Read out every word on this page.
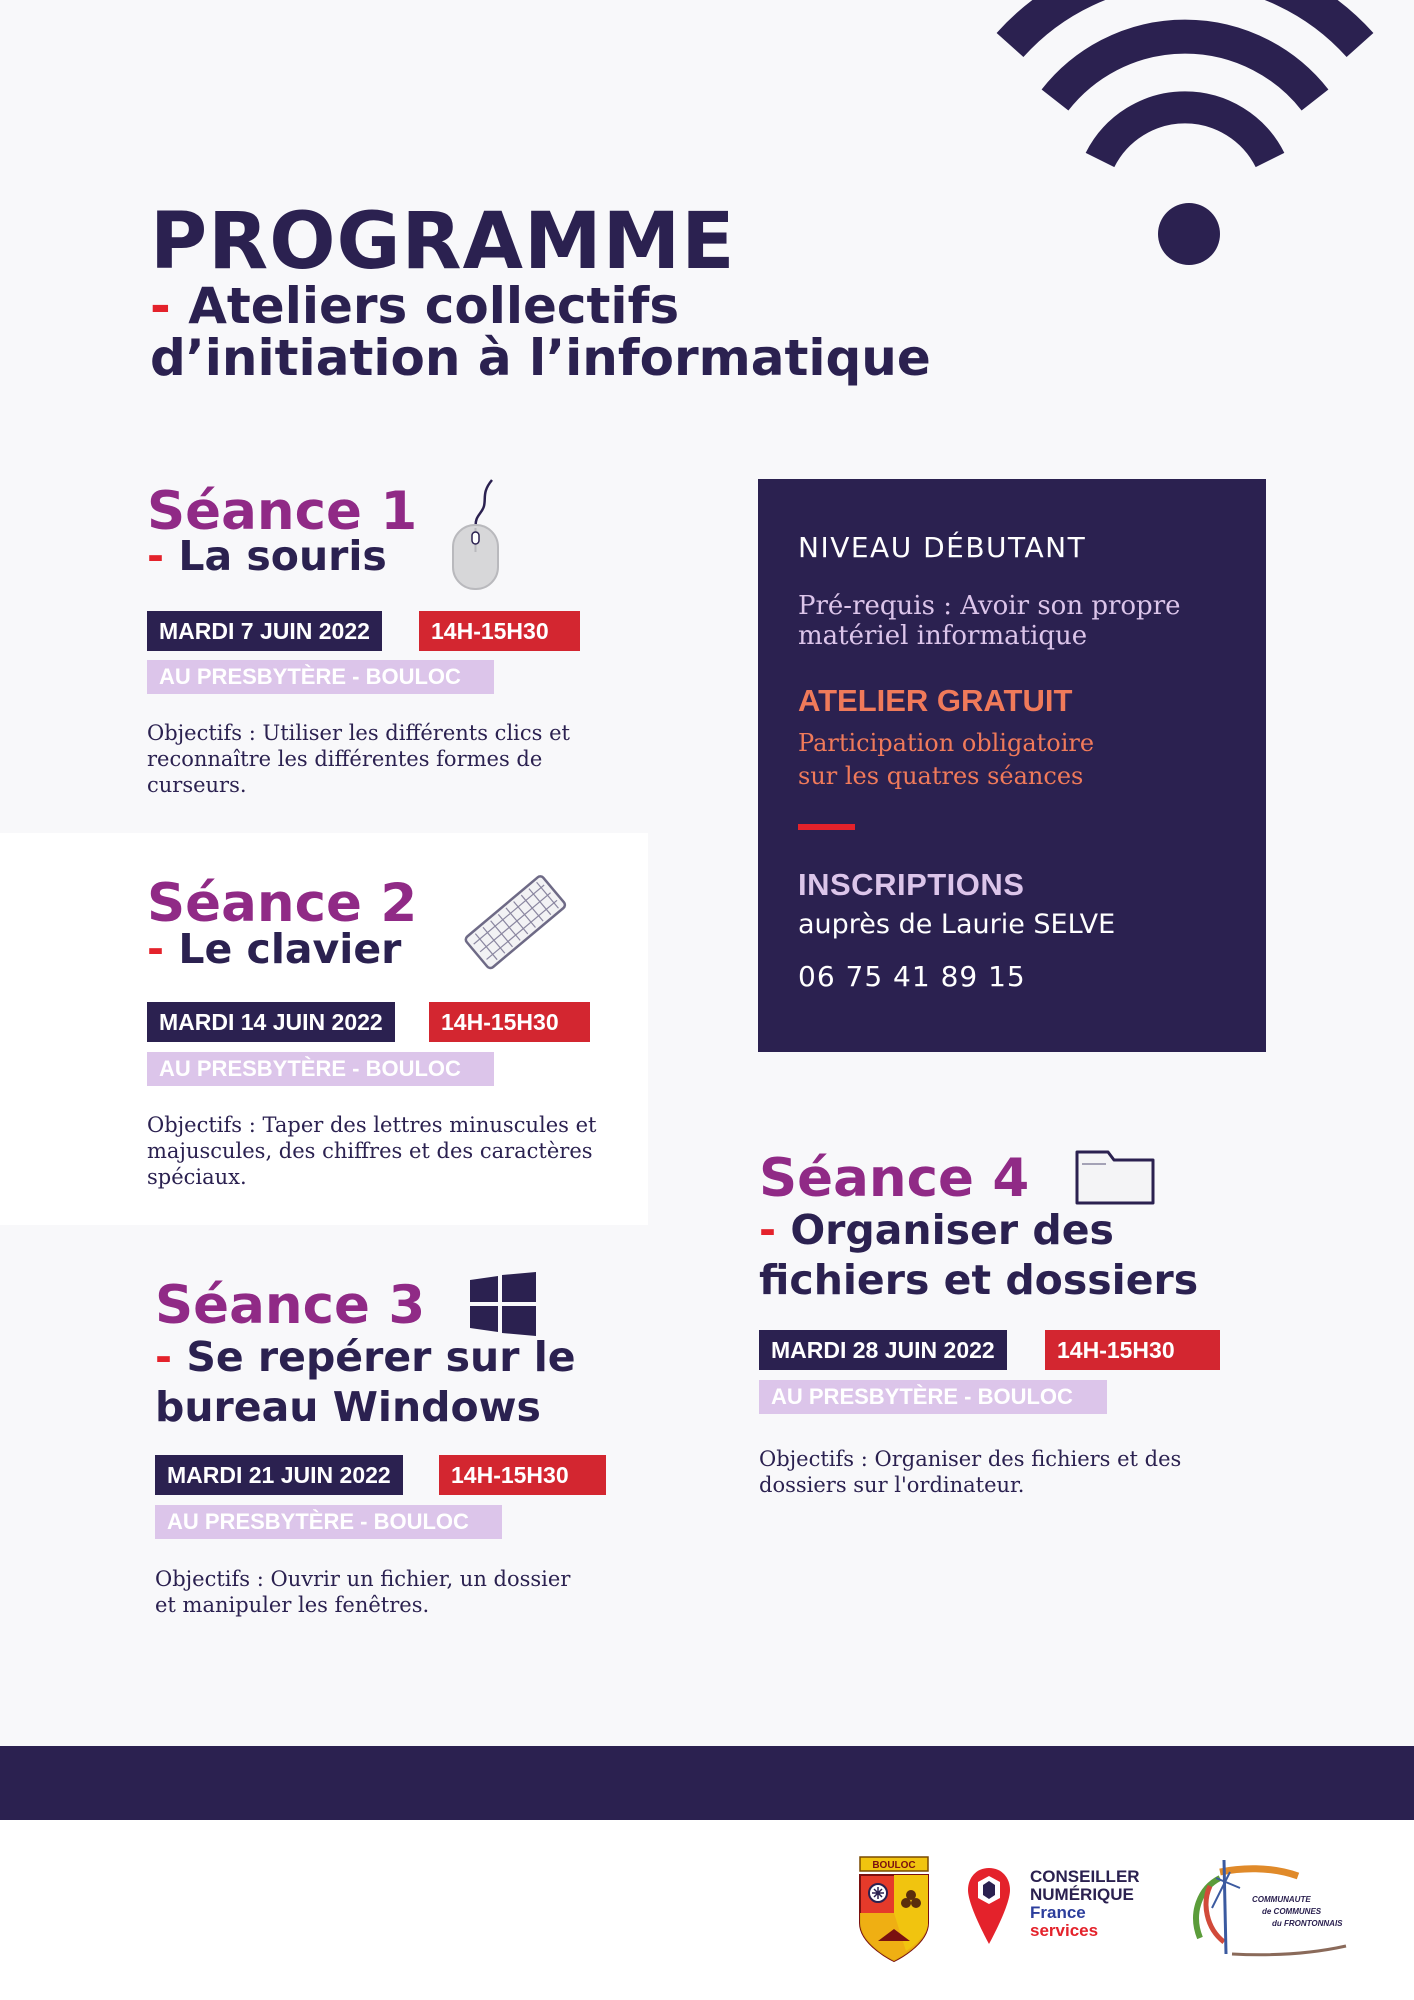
PROGRAMME
- Ateliers collectifs
d’initiation à l’informatique
Séance 1
- La souris
MARDI 7 JUIN 2022	14H-15H30
AU PRESBYTÈRE - BOULOC
Objectifs : Utiliser les différents clics et reconnaître les différentes formes de curseurs.
Séance 2
- Le clavier
MARDI 14 JUIN 2022	14H-15H30
AU PRESBYTÈRE - BOULOC
Objectifs : Taper des lettres minuscules et majuscules, des chiffres et des caractères spéciaux.
Séance 3
- Se repérer sur le
bureau Windows
MARDI 21 JUIN 2022	14H-15H30
AU PRESBYTÈRE - BOULOC
Objectifs : Ouvrir un fichier, un dossier et manipuler les fenêtres.
NIVEAU DÉBUTANT
Pré-requis : Avoir son propre
matériel informatique
ATELIER GRATUIT
Participation obligatoire
sur les quatres séances
INSCRIPTIONS
auprès de Laurie SELVE
06 75 41 89 15
Séance 4
- Organiser des
fichiers et dossiers
MARDI 28 JUIN 2022	14H-15H30
AU PRESBYTÈRE - BOULOC
Objectifs : Organiser des fichiers et des dossiers sur l'ordinateur.
BOULOC
CONSEILLER
NUMÉRIQUE
France
services
COMMUNAUTE
de COMMUNES
du FRONTONNAIS
